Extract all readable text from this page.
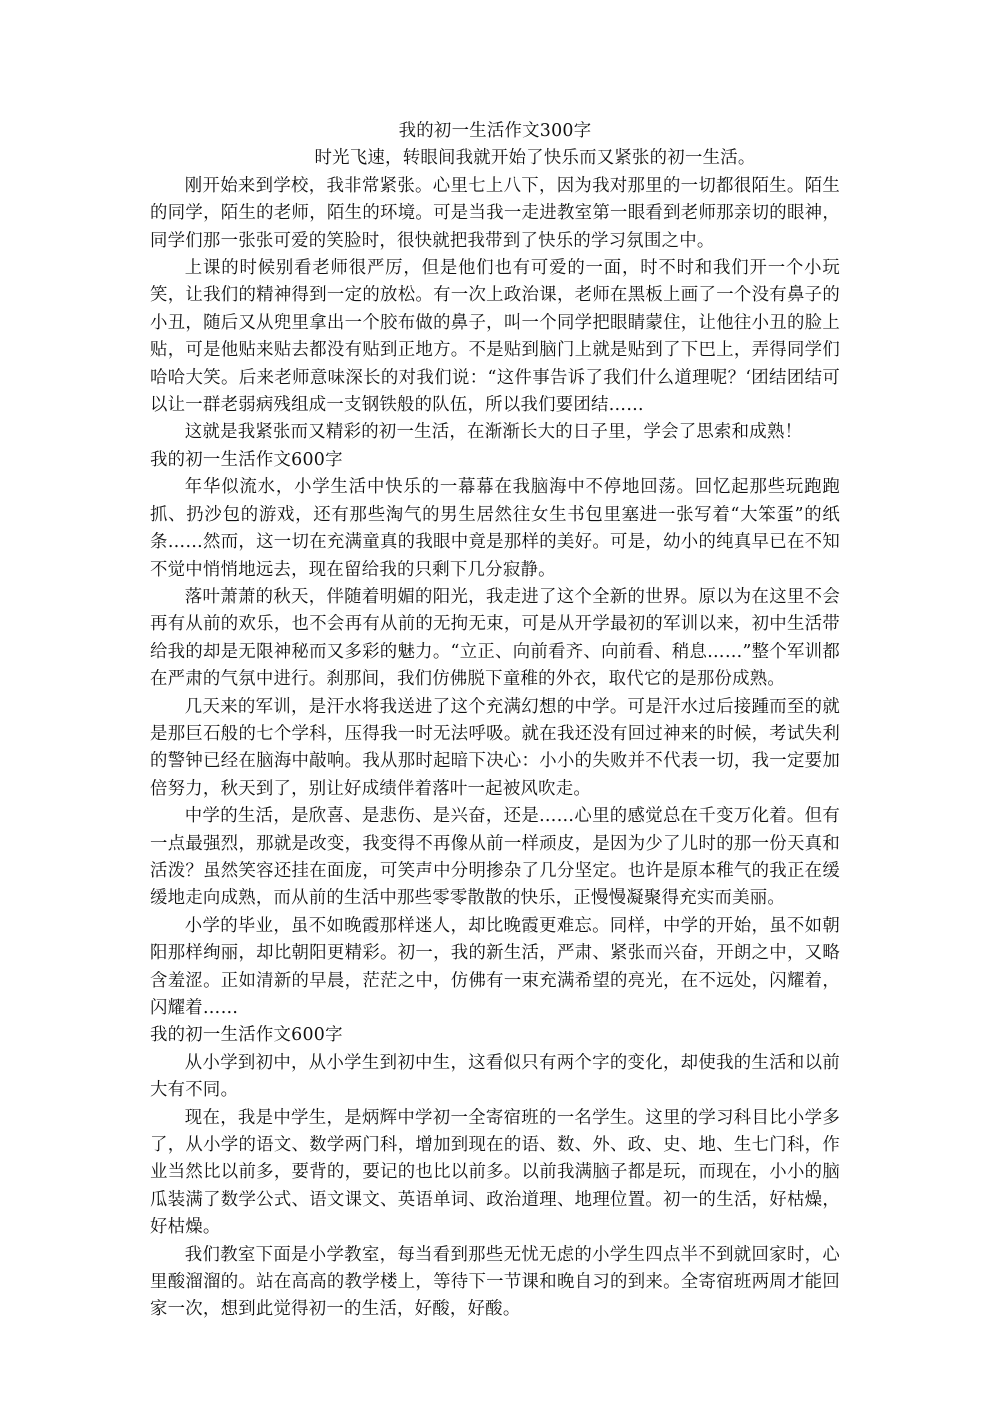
我的初一生活作文300字

时光飞速，转眼间我就开始了快乐而又紧张的初一生活。

刚开始来到学校，我非常紧张。心里七上八下，因为我对那里的一切都很陌生。陌生的同学，陌生的老师，陌生的环境。可是当我一走进教室第一眼看到老师那亲切的眼神，同学们那一张张可爱的笑脸时，很快就把我带到了快乐的学习氛围之中。

上课的时候别看老师很严厉，但是他们也有可爱的一面，时不时和我们开一个小玩笑，让我们的精神得到一定的放松。有一次上政治课，老师在黑板上画了一个没有鼻子的小丑，随后又从兜里拿出一个胶布做的鼻子，叫一个同学把眼睛蒙住，让他往小丑的脸上贴，可是他贴来贴去都没有贴到正地方。不是贴到脑门上就是贴到了下巴上，弄得同学们哈哈大笑。后来老师意味深长的对我们说：“这件事告诉了我们什么道理呢？‘团结团结可以让一群老弱病残组成一支钢铁般的队伍，所以我们要团结……

这就是我紧张而又精彩的初一生活，在渐渐长大的日子里，学会了思索和成熟！

我的初一生活作文600字

年华似流水，小学生活中快乐的一幕幕在我脑海中不停地回荡。回忆起那些玩跑跑抓、扔沙包的游戏，还有那些淘气的男生居然往女生书包里塞进一张写着“大笨蛋”的纸条……然而，这一切在充满童真的我眼中竟是那样的美好。可是，幼小的纯真早已在不知不觉中悄悄地远去，现在留给我的只剩下几分寂静。

落叶萧萧的秋天，伴随着明媚的阳光，我走进了这个全新的世界。原以为在这里不会再有从前的欢乐，也不会再有从前的无拘无束，可是从开学最初的军训以来，初中生活带给我的却是无限神秘而又多彩的魅力。“立正、向前看齐、向前看、稍息……”整个军训都在严肃的气氛中进行。刹那间，我们仿佛脱下童稚的外衣，取代它的是那份成熟。

几天来的军训，是汗水将我送进了这个充满幻想的中学。可是汗水过后接踵而至的就是那巨石般的七个学科，压得我一时无法呼吸。就在我还没有回过神来的时候，考试失利的警钟已经在脑海中敲响。我从那时起暗下决心：小小的失败并不代表一切，我一定要加倍努力，秋天到了，别让好成绩伴着落叶一起被风吹走。

中学的生活，是欣喜、是悲伤、是兴奋，还是……心里的感觉总在千变万化着。但有一点最强烈，那就是改变，我变得不再像从前一样顽皮，是因为少了儿时的那一份天真和活泼？虽然笑容还挂在面庞，可笑声中分明掺杂了几分坚定。也许是原本稚气的我正在缓缓地走向成熟，而从前的生活中那些零零散散的快乐，正慢慢凝聚得充实而美丽。

小学的毕业，虽不如晚霞那样迷人，却比晚霞更难忘。同样，中学的开始，虽不如朝阳那样绚丽，却比朝阳更精彩。初一，我的新生活，严肃、紧张而兴奋，开朗之中，又略含羞涩。正如清新的早晨，茫茫之中，仿佛有一束充满希望的亮光，在不远处，闪耀着，闪耀着……

我的初一生活作文600字

从小学到初中，从小学生到初中生，这看似只有两个字的变化，却使我的生活和以前大有不同。

现在，我是中学生，是炳辉中学初一全寄宿班的一名学生。这里的学习科目比小学多了，从小学的语文、数学两门科，增加到现在的语、数、外、政、史、地、生七门科，作业当然比以前多，要背的，要记的也比以前多。以前我满脑子都是玩，而现在，小小的脑瓜装满了数学公式、语文课文、英语单词、政治道理、地理位置。初一的生活，好枯燥，好枯燥。

我们教室下面是小学教室，每当看到那些无忧无虑的小学生四点半不到就回家时，心里酸溜溜的。站在高高的教学楼上，等待下一节课和晚自习的到来。全寄宿班两周才能回家一次，想到此觉得初一的生活，好酸，好酸。
